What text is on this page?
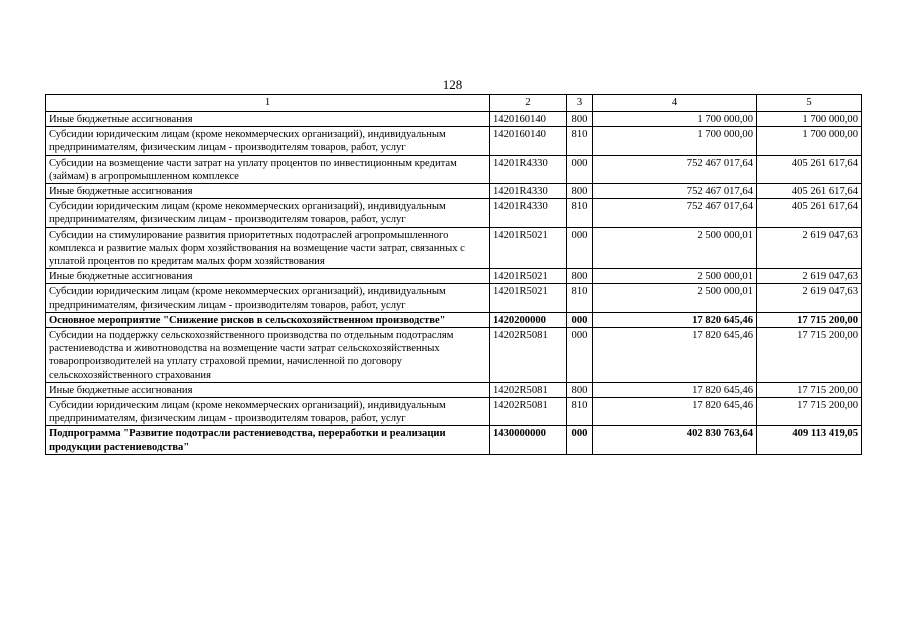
128
1	2	3	4	5
Иные бюджетные ассигнования	1420160140	800	1 700 000,00	1 700 000,00
Субсидии юридическим лицам (кроме некоммерческих организаций), индивидуальным предпринимателям, физическим лицам - производителям товаров, работ, услуг	1420160140	810	1 700 000,00	1 700 000,00
Субсидии на возмещение части затрат на уплату процентов по инвестиционным кредитам (займам) в агропромышленном комплексе	14201R4330	000	752 467 017,64	405 261 617,64
Иные бюджетные ассигнования	14201R4330	800	752 467 017,64	405 261 617,64
Субсидии юридическим лицам (кроме некоммерческих организаций), индивидуальным предпринимателям, физическим лицам - производителям товаров, работ, услуг	14201R4330	810	752 467 017,64	405 261 617,64
Субсидии на стимулирование развития приоритетных подотраслей агропромышленного комплекса и развитие малых форм хозяйствования на возмещение части затрат, связанных с уплатой процентов по кредитам малых форм хозяйствования	14201R5021	000	2 500 000,01	2 619 047,63
Иные бюджетные ассигнования	14201R5021	800	2 500 000,01	2 619 047,63
Субсидии юридическим лицам (кроме некоммерческих организаций), индивидуальным предпринимателям, физическим лицам - производителям товаров, работ, услуг	14201R5021	810	2 500 000,01	2 619 047,63
Основное мероприятие "Снижение рисков в сельскохозяйственном производстве"	1420200000	000	17 820 645,46	17 715 200,00
Субсидии на поддержку сельскохозяйственного производства по отдельным подотраслям растениеводства и животноводства на возмещение части затрат сельскохозяйственных товаропроизводителей на уплату страховой премии, начисленной по договору сельскохозяйственного страхования	14202R5081	000	17 820 645,46	17 715 200,00
Иные бюджетные ассигнования	14202R5081	800	17 820 645,46	17 715 200,00
Субсидии юридическим лицам (кроме некоммерческих организаций), индивидуальным предпринимателям, физическим лицам - производителям товаров, работ, услуг	14202R5081	810	17 820 645,46	17 715 200,00
Подпрограмма "Развитие подотрасли растениеводства, переработки и реализации продукции растениеводства"	1430000000	000	402 830 763,64	409 113 419,05
